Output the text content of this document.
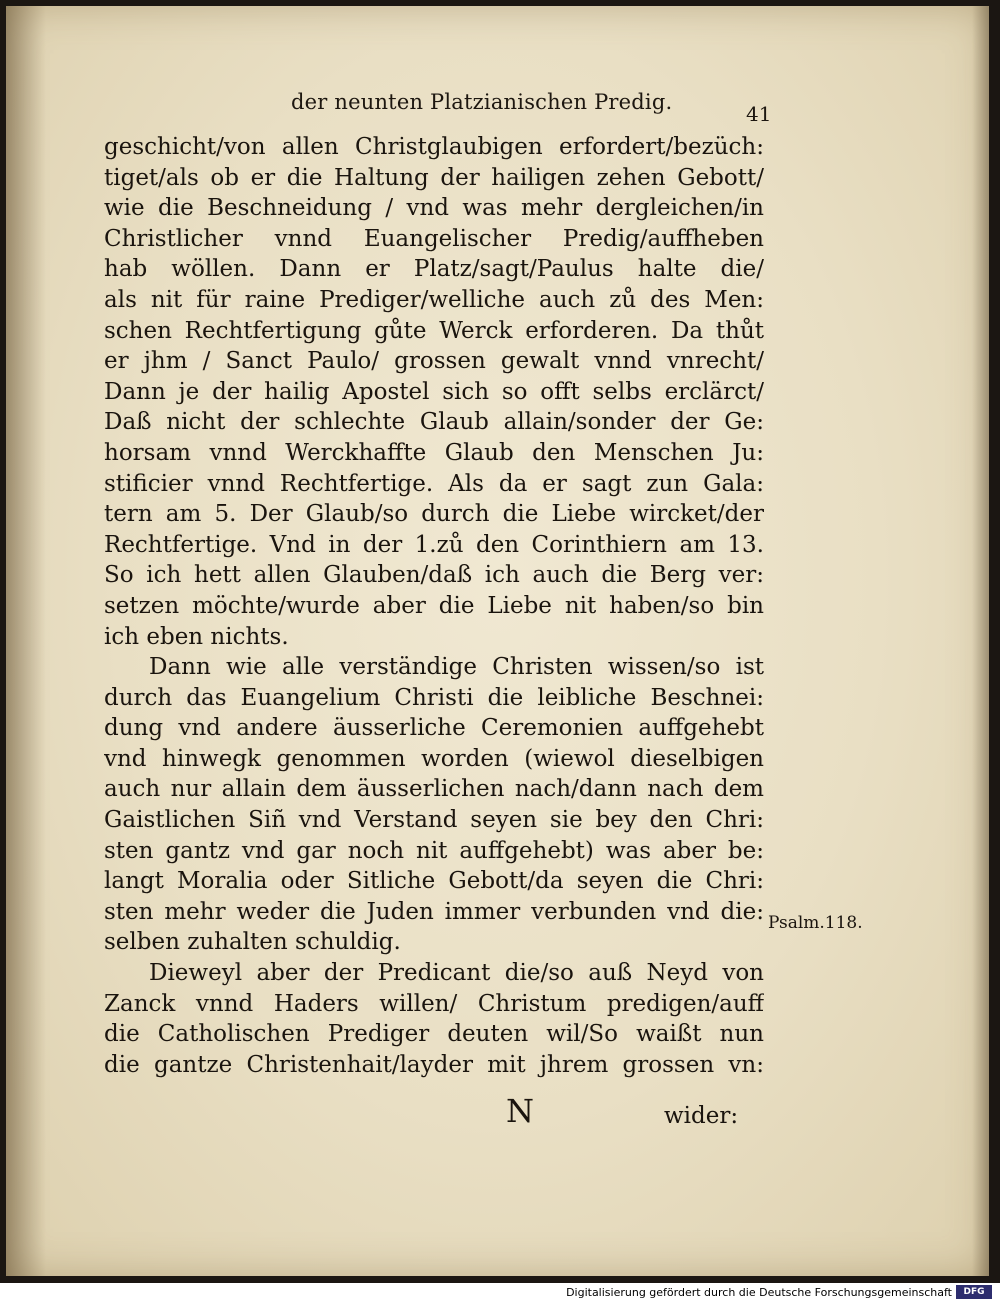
der neunten Platzianischen Predig.	41
geschicht/von allen Christglaubigen erfordert/bezüch:
tiget/als ob er die Haltung der hailigen zehen Gebott/
wie die Beschneidung / vnd was mehr dergleichen/in
Christlicher vnnd Euangelischer Predig/auffheben
hab wöllen. Dann er Platz/sagt/Paulus halte die/
als nit für raine Prediger/welliche auch zů des Men:
schen Rechtfertigung gůte Werck erforderen. Da thůt
er jhm / Sanct Paulo/ grossen gewalt vnnd vnrecht/
Dann je der hailig Apostel sich so offt selbs erclärct/
Daß nicht der schlechte Glaub allain/sonder der Ge:
horsam vnnd Werckhaffte Glaub den Menschen Ju:
stificier vnnd Rechtfertige. Als da er sagt zun Gala:
tern am 5. Der Glaub/so durch die Liebe wircket/der
Rechtfertige. Vnd in der 1.zů den Corinthiern am 13.
So ich hett allen Glauben/daß ich auch die Berg ver:
setzen möchte/wurde aber die Liebe nit haben/so bin
ich eben nichts.
Dann wie alle verständige Christen wissen/so ist
durch das Euangelium Christi die leibliche Beschnei:
dung vnd andere äusserliche Ceremonien auffgehebt
vnd hinwegk genommen worden (wiewol dieselbigen
auch nur allain dem äusserlichen nach/dann nach dem
Gaistlichen Siñ vnd Verstand seyen sie bey den Chri:
sten gantz vnd gar noch nit auffgehebt) was aber be:
langt Moralia oder Sitliche Gebott/da seyen die Chri:
sten mehr weder die Juden immer verbunden vnd die:
selben zuhalten schuldig.
Dieweyl aber der Predicant die/so auß Neyd von
Zanck vnnd Haders willen/ Christum predigen/auff
die Catholischen Prediger deuten wil/So waißt nun
die gantze Christenhait/layder mit jhrem grossen vn:
Psalm.118.
N	wider:
Digitalisierung gefördert durch die Deutsche Forschungsgemeinschaft	DFG
